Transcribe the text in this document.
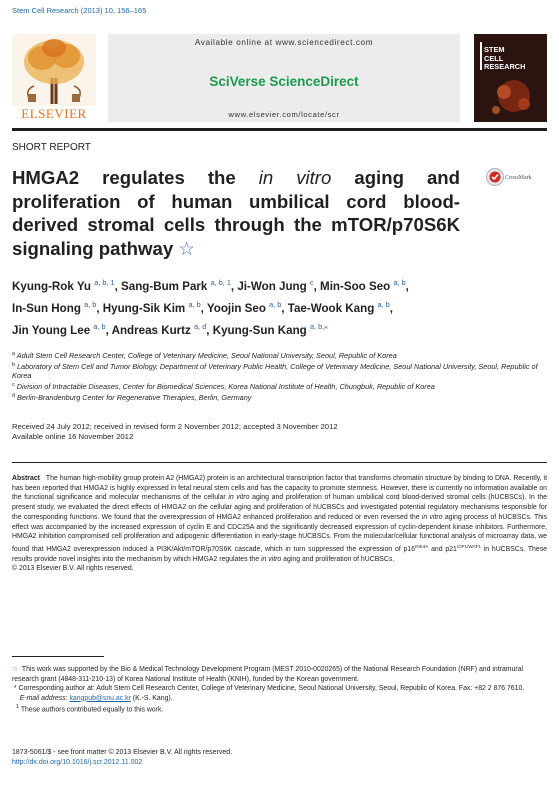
Stem Cell Research (2013) 10, 156–165
ELSEVIER
Available online at www.sciencedirect.com
SciVerse ScienceDirect
www.elsevier.com/locate/scr
STEM
CELL
RESEARCH
SHORT REPORT
HMGA2 regulates the in vitro aging and proliferation of human umbilical cord blood-derived stromal cells through the mTOR/p70S6K signaling pathway ☆
CrossMark
Kyung-Rok Yu $^{a, b, 1}$, Sang-Bum Park $^{a, b, 1}$, Ji-Won Jung $^c$, Min-Soo Seo $^{a, b}$,
In-Sun Hong $^{a, b}$, Hyung-Sik Kim $^{a, b}$, Yoojin Seo $^{a, b}$, Tae-Wook Kang $^{a, b}$,
Jin Young Lee $^{a, b}$, Andreas Kurtz $^{a, d}$, Kyung-Sun Kang $^{a, b,⁎}$
$^a$ Adult Stem Cell Research Center, College of Veterinary Medicine, Seoul National University, Seoul, Republic of Korea
$^b$ Laboratory of Stem Cell and Tumor Biology, Department of Veterinary Public Health, College of Veterinary Medicine, Seoul National University, Seoul, Republic of Korea
$^c$ Division of Intractable Diseases, Center for Biomedical Sciences, Korea National Institute of Health, Chungbuk, Republic of Korea
$^d$ Berlin-Brandenburg Center for Regenerative Therapies, Berlin, Germany
Received 24 July 2012; received in revised form 2 November 2012; accepted 3 November 2012
Available online 16 November 2012
Abstract The human high-mobility group protein A2 (HMGA2) protein is an architectural transcription factor that transforms chromatin structure by binding to DNA. Recently, it has been reported that HMGA2 is highly expressed in fetal neural stem cells and has the capacity to promote stemness. However, there is currently no information available on the functional significance and molecular mechanisms of the cellular in vitro aging and proliferation of human umbilical cord blood-derived stromal cells (hUCBSCs). In the present study, we evaluated the direct effects of HMGA2 on the cellular aging and proliferation of hUCBSCs and investigated potential regulatory mechanisms responsible for the corresponding functions. We found that the overexpression of HMGA2 enhanced proliferation and reduced or even reversed the in vitro aging process of hUCBSCs. This effect was accompanied by the increased expression of cyclin E and CDC25A and the significantly decreased expression of cyclin-dependent kinase inhibitors. Furthermore, HMGA2 inhibition compromised cell proliferation and adipogenic differentiation in early-stage hUCBSCs. From the molecular/cellular functional analysis of microarray data, we found that HMGA2 overexpression induced a PI3K/Akt/mTOR/p70S6K cascade, which in turn suppressed the expression of $p16^{INK4A}$ and $p21^{CIP1/WAF1}$ in hUCBSCs. These results provide novel insights into the mechanism by which HMGA2 regulates the in vitro aging and proliferation of hUCBSCs.
© 2013 Elsevier B.V. All rights reserved.
☆ This work was supported by the Bio & Medical Technology Development Program (MEST 2010-0020265) of the National Research Foundation (NRF) and intramural research grant (4848-311-210-13) of Korea National Institute of Health (KNIH), funded by the Korean government.
* Corresponding author at: Adult Stem Cell Research Center, College of Veterinary Medicine, Seoul National University, Seoul, Republic of Korea. Fax: +82 2 876 7610.
E-mail address: kangpub@snu.ac.kr (K.-S. Kang).
$^1$ These authors contributed equally to this work.
1873-5061/$ - see front matter © 2013 Elsevier B.V. All rights reserved.
http://dx.doi.org/10.1016/j.scr.2012.11.002
